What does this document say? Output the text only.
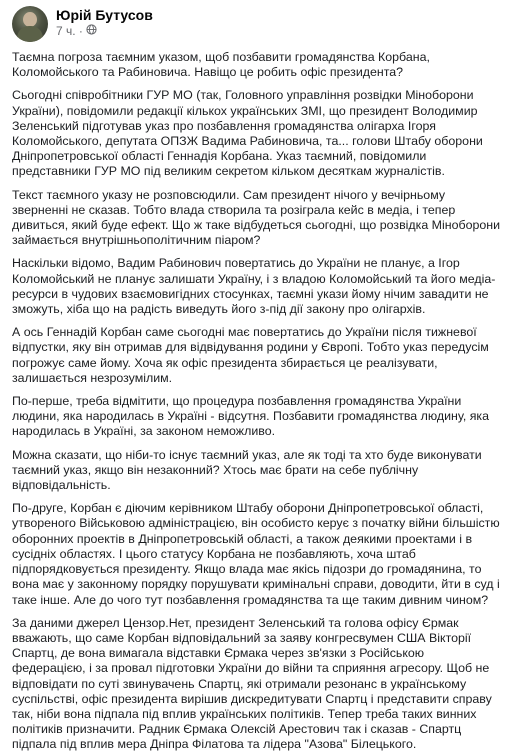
Юрій Бутусов
7 ч. ·

Таємна погроза таємним указом, щоб позбавити громадянства Корбана, Коломойського та Рабиновича. Навіщо це робить офіс президента?

Сьогодні співробітники ГУР МО (так, Головного управління розвідки Міноборони України), повідомили редакції кількох українських ЗМІ, що президент Володимир Зеленський підготував указ про позбавлення громадянства олігарха Ігоря Коломойського, депутата ОПЗЖ Вадима Рабиновича, та... голови Штабу оборони Дніпропетровської області Геннадія Корбана. Указ таємний, повідомили представники ГУР МО під великим секретом кільком десяткам журналістів.

Текст таємного указу не розповсюдили. Сам президент нічого у вечірньому зверненні не сказав. Тобто влада створила та розіграла кейс в медіа, і тепер дивиться, який буде ефект. Що ж таке відбудеться сьогодні, що розвідка Міноборони займається внутрішньополітичним піаром?

Наскільки відомо, Вадим Рабинович повертатись до України не планує, а Ігор Коломойський не планує залишати Україну, і з владою Коломойський та його медіа-ресурси в чудових взаємовигідних стосунках, таємні укази йому нічим завадити не зможуть, хіба що на радість виведуть його з-під дії закону про олігархів.

А ось Геннадій Корбан саме сьогодні має повертатись до України після тижневої відпустки, яку він отримав для відвідування родини у Європі. Тобто указ передусім погрожує саме йому. Хоча як офіс президента збирається це реалізувати, залишається незрозумілим.

По-перше, треба відмітити, що процедура позбавлення громадянства України людини, яка народилась в Україні - відсутня. Позбавити громадянства людину, яка народилась в Україні, за законом неможливо.

Можна сказати, що ніби-то існує таємний указ, але як тоді та хто буде виконувати таємний указ, якщо він незаконний? Хтось має брати на себе публічну відповідальність.

По-друге, Корбан є діючим керівником Штабу оборони Дніпропетровської області, утвореного Військовою адміністрацією, він особисто керує з початку війни більшістю оборонних проектів в Дніпропетровській області, а також деякими проектами і в сусідніх областях. І цього статусу Корбана не позбавляють, хоча штаб підпорядковується президенту. Якщо влада має якісь підозри до громадянина, то вона має у законному порядку порушувати кримінальні справи, доводити, йти в суд і таке інше. Але до чого тут позбавлення громадянства та ще таким дивним чином?

За даними джерел Цензор.Нет, президент Зеленський та голова офісу Єрмак вважають, що саме Корбан відповідальний за заяву конгресвумен США Вікторії Спартц, де вона вимагала відставки Єрмака через зв'язки з Російською федерацією, і за провал підготовки України до війни та сприяння агресору. Щоб не відповідати по суті звинувачень Спартц, які отримали резонанс в українському суспільстві, офіс президента вирішив дискредитувати Спартц і представити справу так, ніби вона підпала під вплив українських політиків. Тепер треба таких винних політиків призначити. Радник Єрмака Олексій Арестович так і сказав - Спартц підпала під вплив мера Дніпра Філатова та лідера "Азова" Білецького.
